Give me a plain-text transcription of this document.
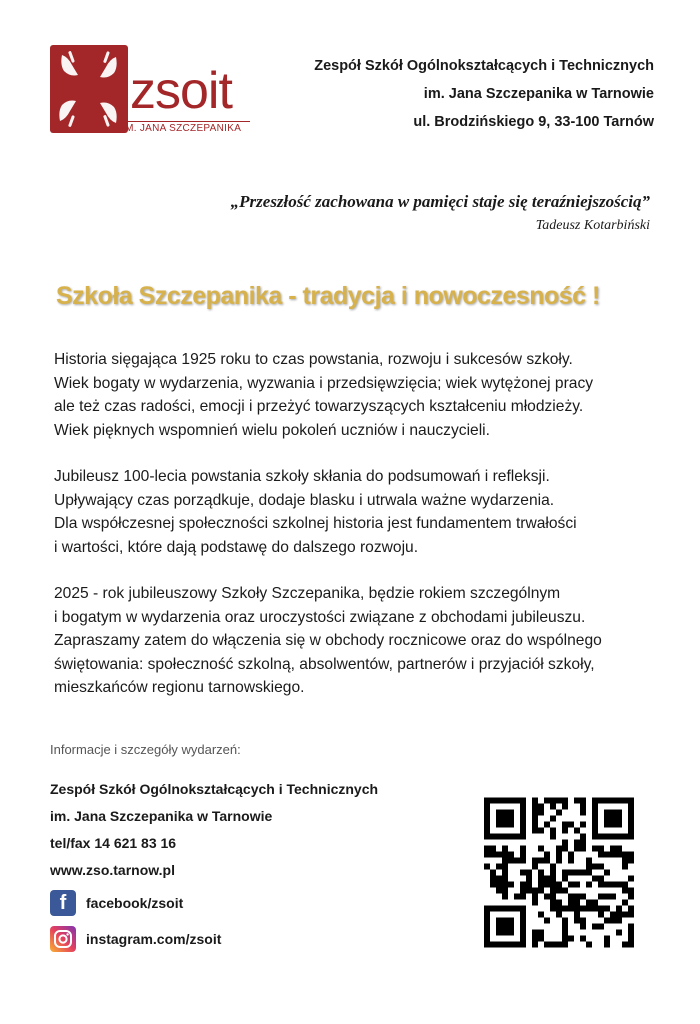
zsoit
IM. JANA SZCZEPANIKA
Zespół Szkół Ogólnokształcących i Technicznych
im. Jana Szczepanika w Tarnowie
ul. Brodzińskiego 9, 33-100 Tarnów
„Przeszłość zachowana w pamięci staje się teraźniejszością”
Tadeusz Kotarbiński
Szkoła Szczepanika - tradycja i nowoczesność !

Historia sięgająca 1925 roku to czas powstania, rozwoju i sukcesów szkoły.
Wiek bogaty w wydarzenia, wyzwania i przedsięwzięcia; wiek wytężonej pracy
ale też czas radości, emocji i przeżyć towarzyszących kształceniu młodzieży.
Wiek pięknych wspomnień wielu pokoleń uczniów i nauczycieli.

Jubileusz 100-lecia powstania szkoły skłania do podsumowań i refleksji.
Upływający czas porządkuje, dodaje blasku i utrwala ważne wydarzenia.
Dla współczesnej społeczności szkolnej historia jest fundamentem trwałości
i wartości, które dają podstawę do dalszego rozwoju.

2025 - rok jubileuszowy Szkoły Szczepanika, będzie rokiem szczególnym
i bogatym w wydarzenia oraz uroczystości związane z obchodami jubileuszu.
Zapraszamy zatem do włączenia się w obchody rocznicowe oraz do wspólnego
świętowania: społeczność szkolną, absolwentów, partnerów i przyjaciół szkoły,
mieszkańców regionu tarnowskiego.

Informacje i szczegóły wydarzeń:
Zespół Szkół Ogólnokształcących i Technicznych
im. Jana Szczepanika w Tarnowie
tel/fax 14 621 83 16
www.zso.tarnow.pl
f	facebook/zsoit
instagram.com/zsoit
